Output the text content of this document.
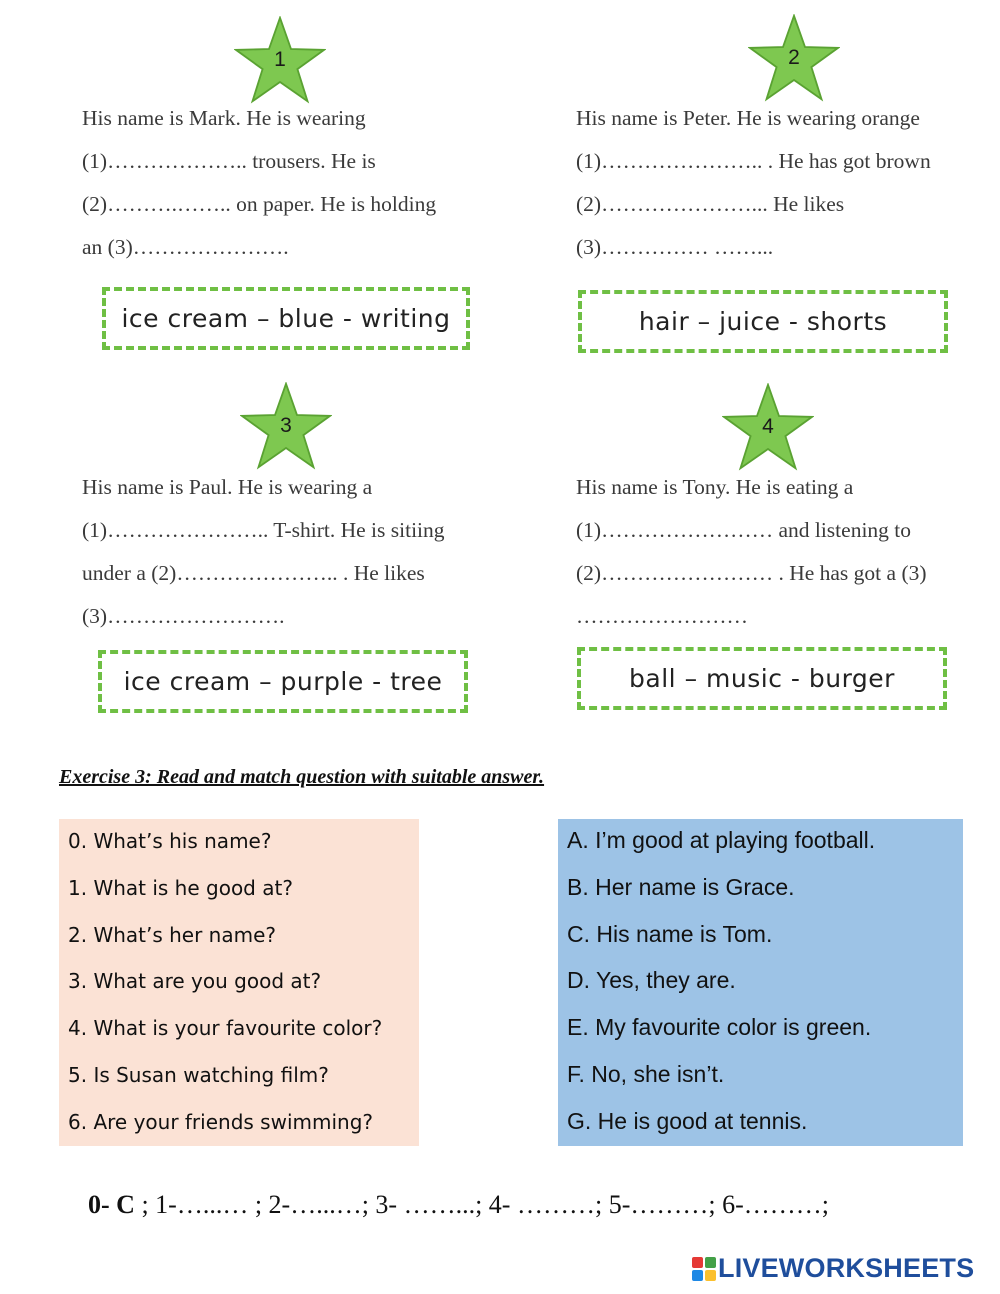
1
His name is Mark. He is wearing
(1)……………….. trousers. He is
(2)……….…….. on paper. He is holding
an (3)………………….
ice cream – blue - writing
2
His name is Peter. He is wearing orange
(1)………………….. . He has got brown
(2)…………………... He likes
(3)…………… ……...
hair – juice - shorts
3
His name is Paul. He is wearing a
(1)………………….. T-shirt. He is sitiing
under a (2)………………….. . He likes
(3)…………………….
ice cream – purple - tree
4
His name is Tony. He is eating a
(1)…………………… and listening to
(2)…………………… . He has got a (3)
……………………
ball – music - burger
Exercise 3: Read and match question with suitable answer.
0. What’s his name?
1. What is he good at?
2. What’s her name?
3. What are you good at?
4. What is your favourite color?
5. Is Susan watching film?
6. Are your friends swimming?
A. I’m good at playing football.
B. Her name is Grace.
C. His name is Tom.
D. Yes, they are.
E. My favourite color is green.
F. No, she isn’t.
G. He is good at tennis.
0- C ; 1-…...… ; 2-…...…; 3- ……...; 4- ………; 5-………; 6-………;
LIVEWORKSHEETS
